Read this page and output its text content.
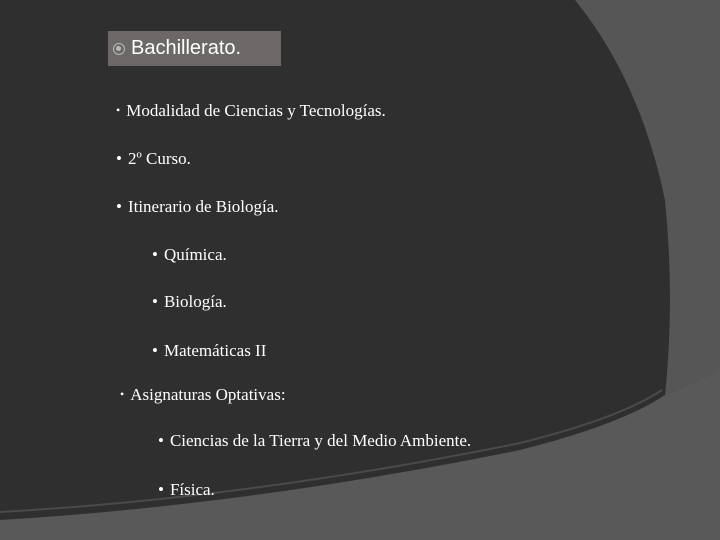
Bachillerato.
• Modalidad de Ciencias y Tecnologías.
• 2º Curso.
• Itinerario de Biología.
• Química.
• Biología.
• Matemáticas II
• Asignaturas Optativas:
• Ciencias de la Tierra y del Medio Ambiente.
• Física.
